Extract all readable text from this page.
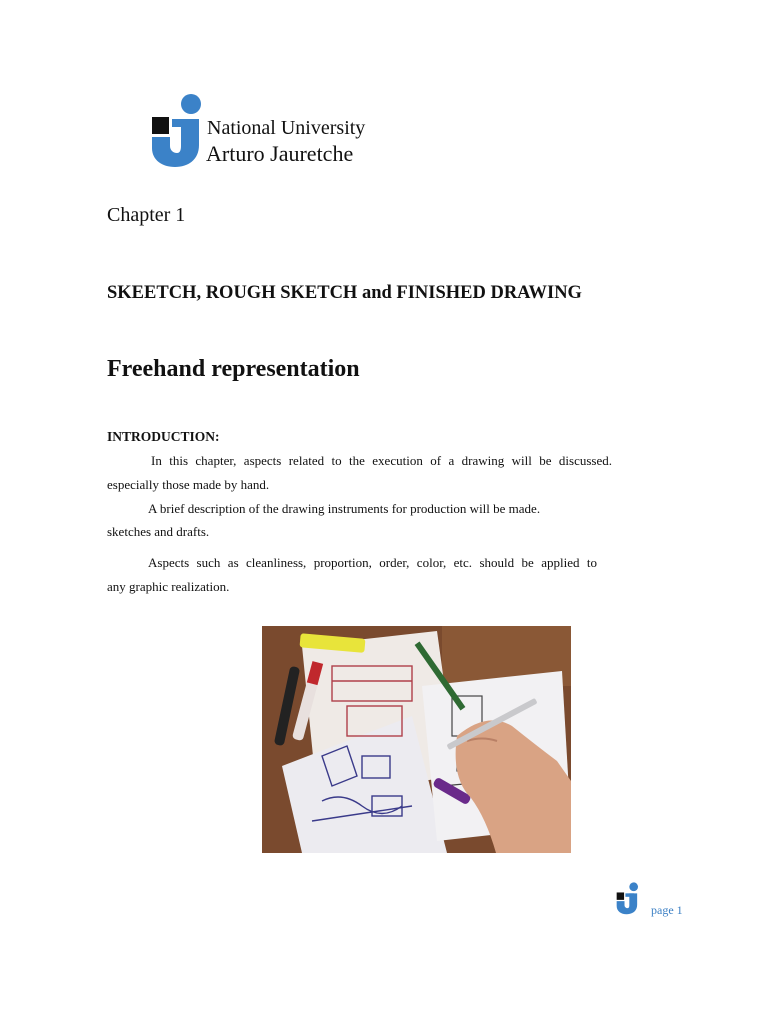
National University
Arturo Jauretche
Chapter 1
SKEETCH, ROUGH SKETCH and FINISHED DRAWING
Freehand representation
INTRODUCTION:
In this chapter, aspects related to the execution of a drawing will be discussed.
especially those made by hand.
A brief description of the drawing instruments for production will be made.
sketches and drafts.
Aspects such as cleanliness, proportion, order, color, etc. should be applied to
any graphic realization.
page 1
